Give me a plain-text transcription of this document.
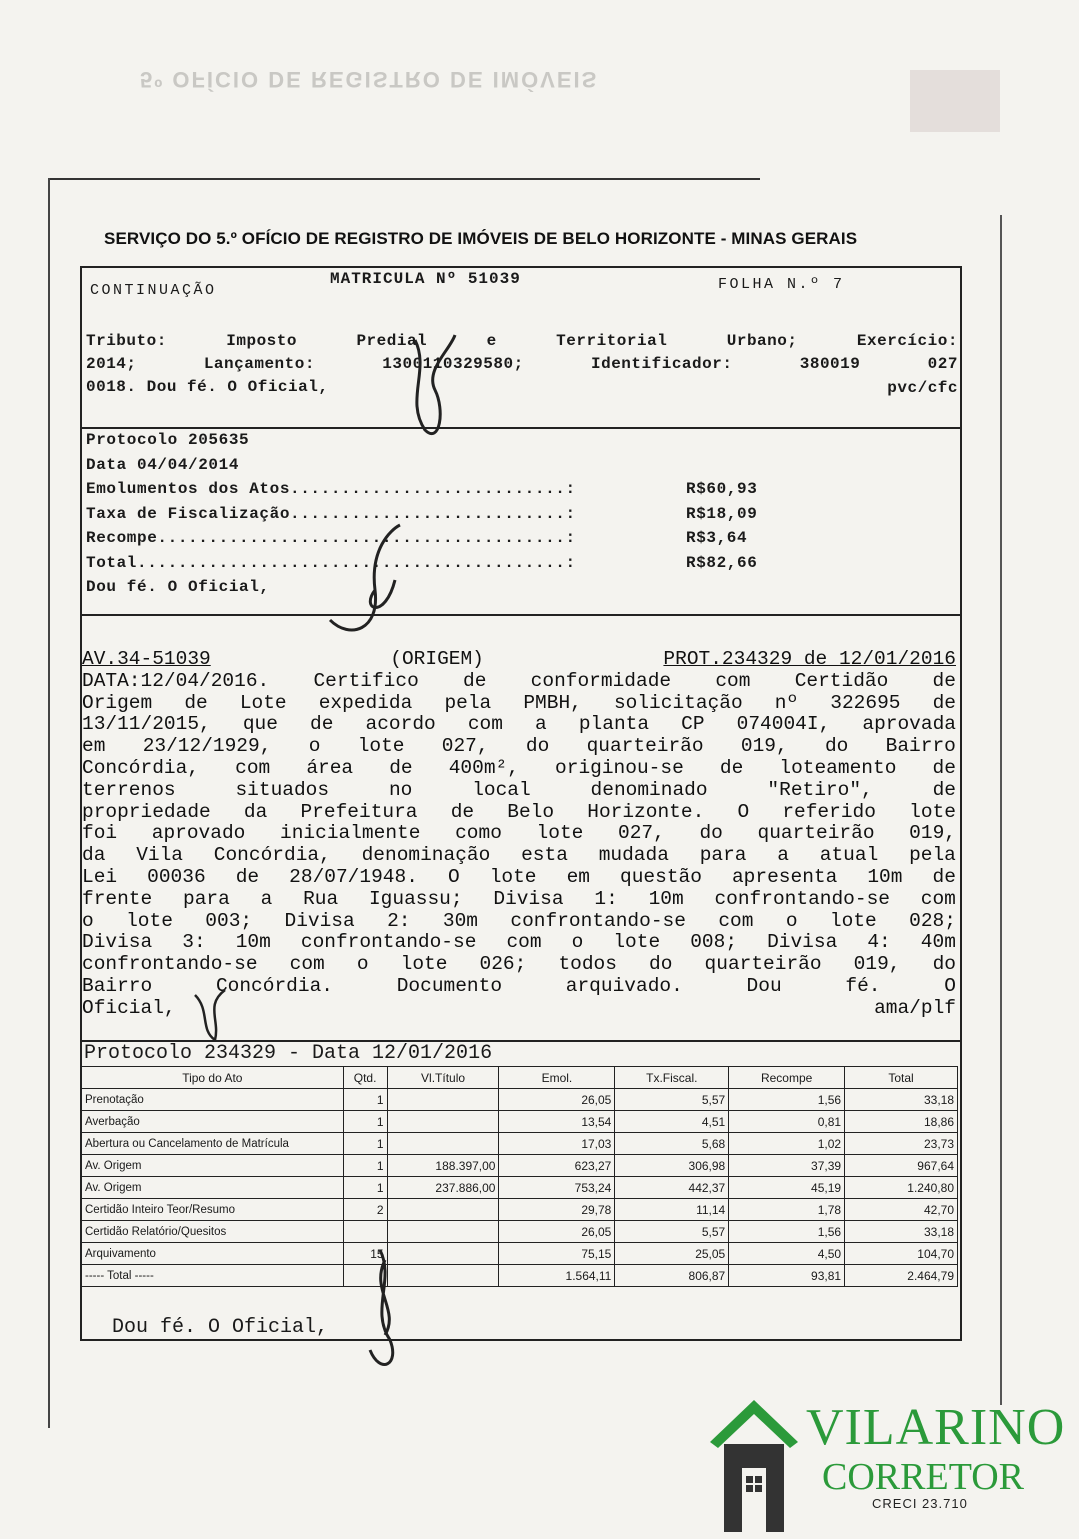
5º OFÍCIO DE REGISTRO DE IMÓVEIS
SERVIÇO DO 5.º OFÍCIO DE REGISTRO DE IMÓVEIS DE BELO HORIZONTE - MINAS GERAIS
CONTINUAÇÃO
MATRICULA Nº 51039	FOLHA N.º 7
Tributo:	Imposto	Predial	e	Territorial	Urbano;	Exercício:
2014;	Lançamento:	1300110329580;	Identificador:	380019	027
0018. Dou fé. O Oficial,	pvc/cfc
Protocolo 205635
Data 04/04/2014
Emolumentos dos Atos...........................:	R$60,93
Taxa de Fiscalização...........................:	R$18,09
Recompe........................................:	R$3,64
Total..........................................:	R$82,66
Dou fé. O Oficial,
AV.34-51039	(ORIGEM)	PROT.234329 de 12/01/2016
DATA:12/04/2016. Certifico de conformidade com Certidão de
Origem de Lote expedida pela PMBH, solicitação nº 322695 de
13/11/2015, que de acordo com a planta CP 074004I, aprovada
em 23/12/1929, o lote 027, do quarteirão 019, do Bairro
Concórdia, com área de 400m², originou-se de loteamento de
terrenos	situados	no	local	denominado	"Retiro",	de
propriedade da Prefeitura de Belo Horizonte. O referido lote
foi aprovado inicialmente como lote 027, do quarteirão 019,
da Vila Concórdia, denominação esta mudada para a atual pela
Lei 00036 de 28/07/1948. O lote em questão apresenta 10m de
frente para a Rua Iguassu; Divisa 1: 10m confrontando-se com
o lote 003; Divisa 2: 30m confrontando-se com o lote 028;
Divisa 3: 10m confrontando-se com o lote 008; Divisa 4: 40m
confrontando-se com o lote 026; todos do quarteirão 019, do
Bairro	Concórdia.	Documento	arquivado.	Dou	fé.	O
Oficial,	ama/plf
Protocolo 234329 - Data 12/01/2016
Tipo do Ato	Qtd.	Vl.Título	Emol.	Tx.Fiscal.	Recompe	Total
Prenotação	1		26,05	5,57	1,56	33,18
Averbação	1		13,54	4,51	0,81	18,86
Abertura ou Cancelamento de Matrícula	1		17,03	5,68	1,02	23,73
Av. Origem	1	188.397,00	623,27	306,98	37,39	967,64
Av. Origem	1	237.886,00	753,24	442,37	45,19	1.240,80
Certidão Inteiro Teor/Resumo	2		29,78	11,14	1,78	42,70
Certidão Relatório/Quesitos			26,05	5,57	1,56	33,18
Arquivamento	15		75,15	25,05	4,50	104,70
----- Total -----			1.564,11	806,87	93,81	2.464,79
Dou fé. O Oficial,
VILARINO
CORRETOR
CRECI 23.710
